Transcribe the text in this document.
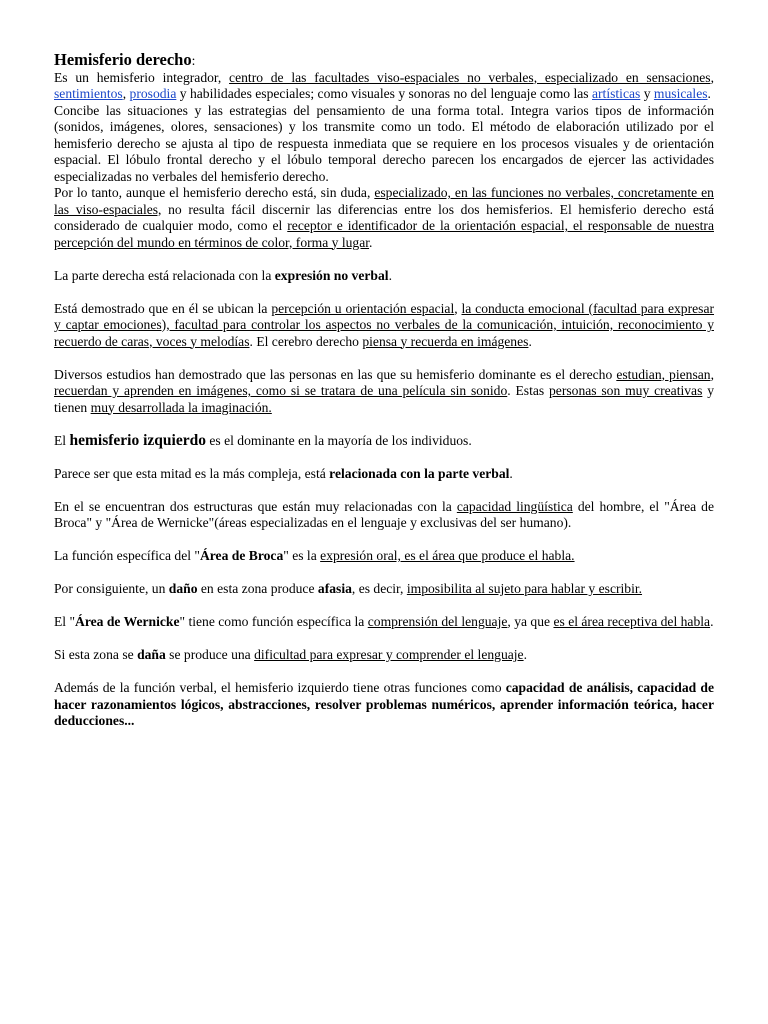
Hemisferio derecho:

Es un hemisferio integrador, centro de las facultades viso-espaciales no verbales, especializado en sensaciones, sentimientos, prosodia y habilidades especiales; como visuales y sonoras no del lenguaje como las artísticas y musicales.

Concibe las situaciones y las estrategias del pensamiento de una forma total. Integra varios tipos de información (sonidos, imágenes, olores, sensaciones) y los transmite como un todo. El método de elaboración utilizado por el hemisferio derecho se ajusta al tipo de respuesta inmediata que se requiere en los procesos visuales y de orientación espacial. El lóbulo frontal derecho y el lóbulo temporal derecho parecen los encargados de ejercer las actividades especializadas no verbales del hemisferio derecho.

Por lo tanto, aunque el hemisferio derecho está, sin duda, especializado, en las funciones no verbales, concretamente en las viso-espaciales, no resulta fácil discernir las diferencias entre los dos hemisferios. El hemisferio derecho está considerado de cualquier modo, como el receptor e identificador de la orientación espacial, el responsable de nuestra percepción del mundo en términos de color, forma y lugar.

La parte derecha está relacionada con la expresión no verbal.

Está demostrado que en él se ubican la percepción u orientación espacial, la conducta emocional (facultad para expresar y captar emociones), facultad para controlar los aspectos no verbales de la comunicación, intuición, reconocimiento y recuerdo de caras, voces y melodías. El cerebro derecho piensa y recuerda en imágenes.

Diversos estudios han demostrado que las personas en las que su hemisferio dominante es el derecho estudian, piensan, recuerdan y aprenden en imágenes, como si se tratara de una película sin sonido. Estas personas son muy creativas y tienen muy desarrollada la imaginación.

El hemisferio izquierdo es el dominante en la mayoría de los individuos.

Parece ser que esta mitad es la más compleja, está relacionada con la parte verbal.

En el se encuentran dos estructuras que están muy relacionadas con la capacidad lingüística del hombre, el "Área de Broca" y "Área de Wernicke"(áreas especializadas en el lenguaje y exclusivas del ser humano).

La función específica del "Área de Broca" es la expresión oral, es el área que produce el habla.

Por consiguiente, un daño en esta zona produce afasia, es decir, imposibilita al sujeto para hablar y escribir.

El "Área de Wernicke" tiene como función específica la comprensión del lenguaje, ya que es el área receptiva del habla.

Si esta zona se daña se produce una dificultad para expresar y comprender el lenguaje.

Además de la función verbal, el hemisferio izquierdo tiene otras funciones como capacidad de análisis, capacidad de hacer razonamientos lógicos, abstracciones, resolver problemas numéricos, aprender información teórica, hacer deducciones...
